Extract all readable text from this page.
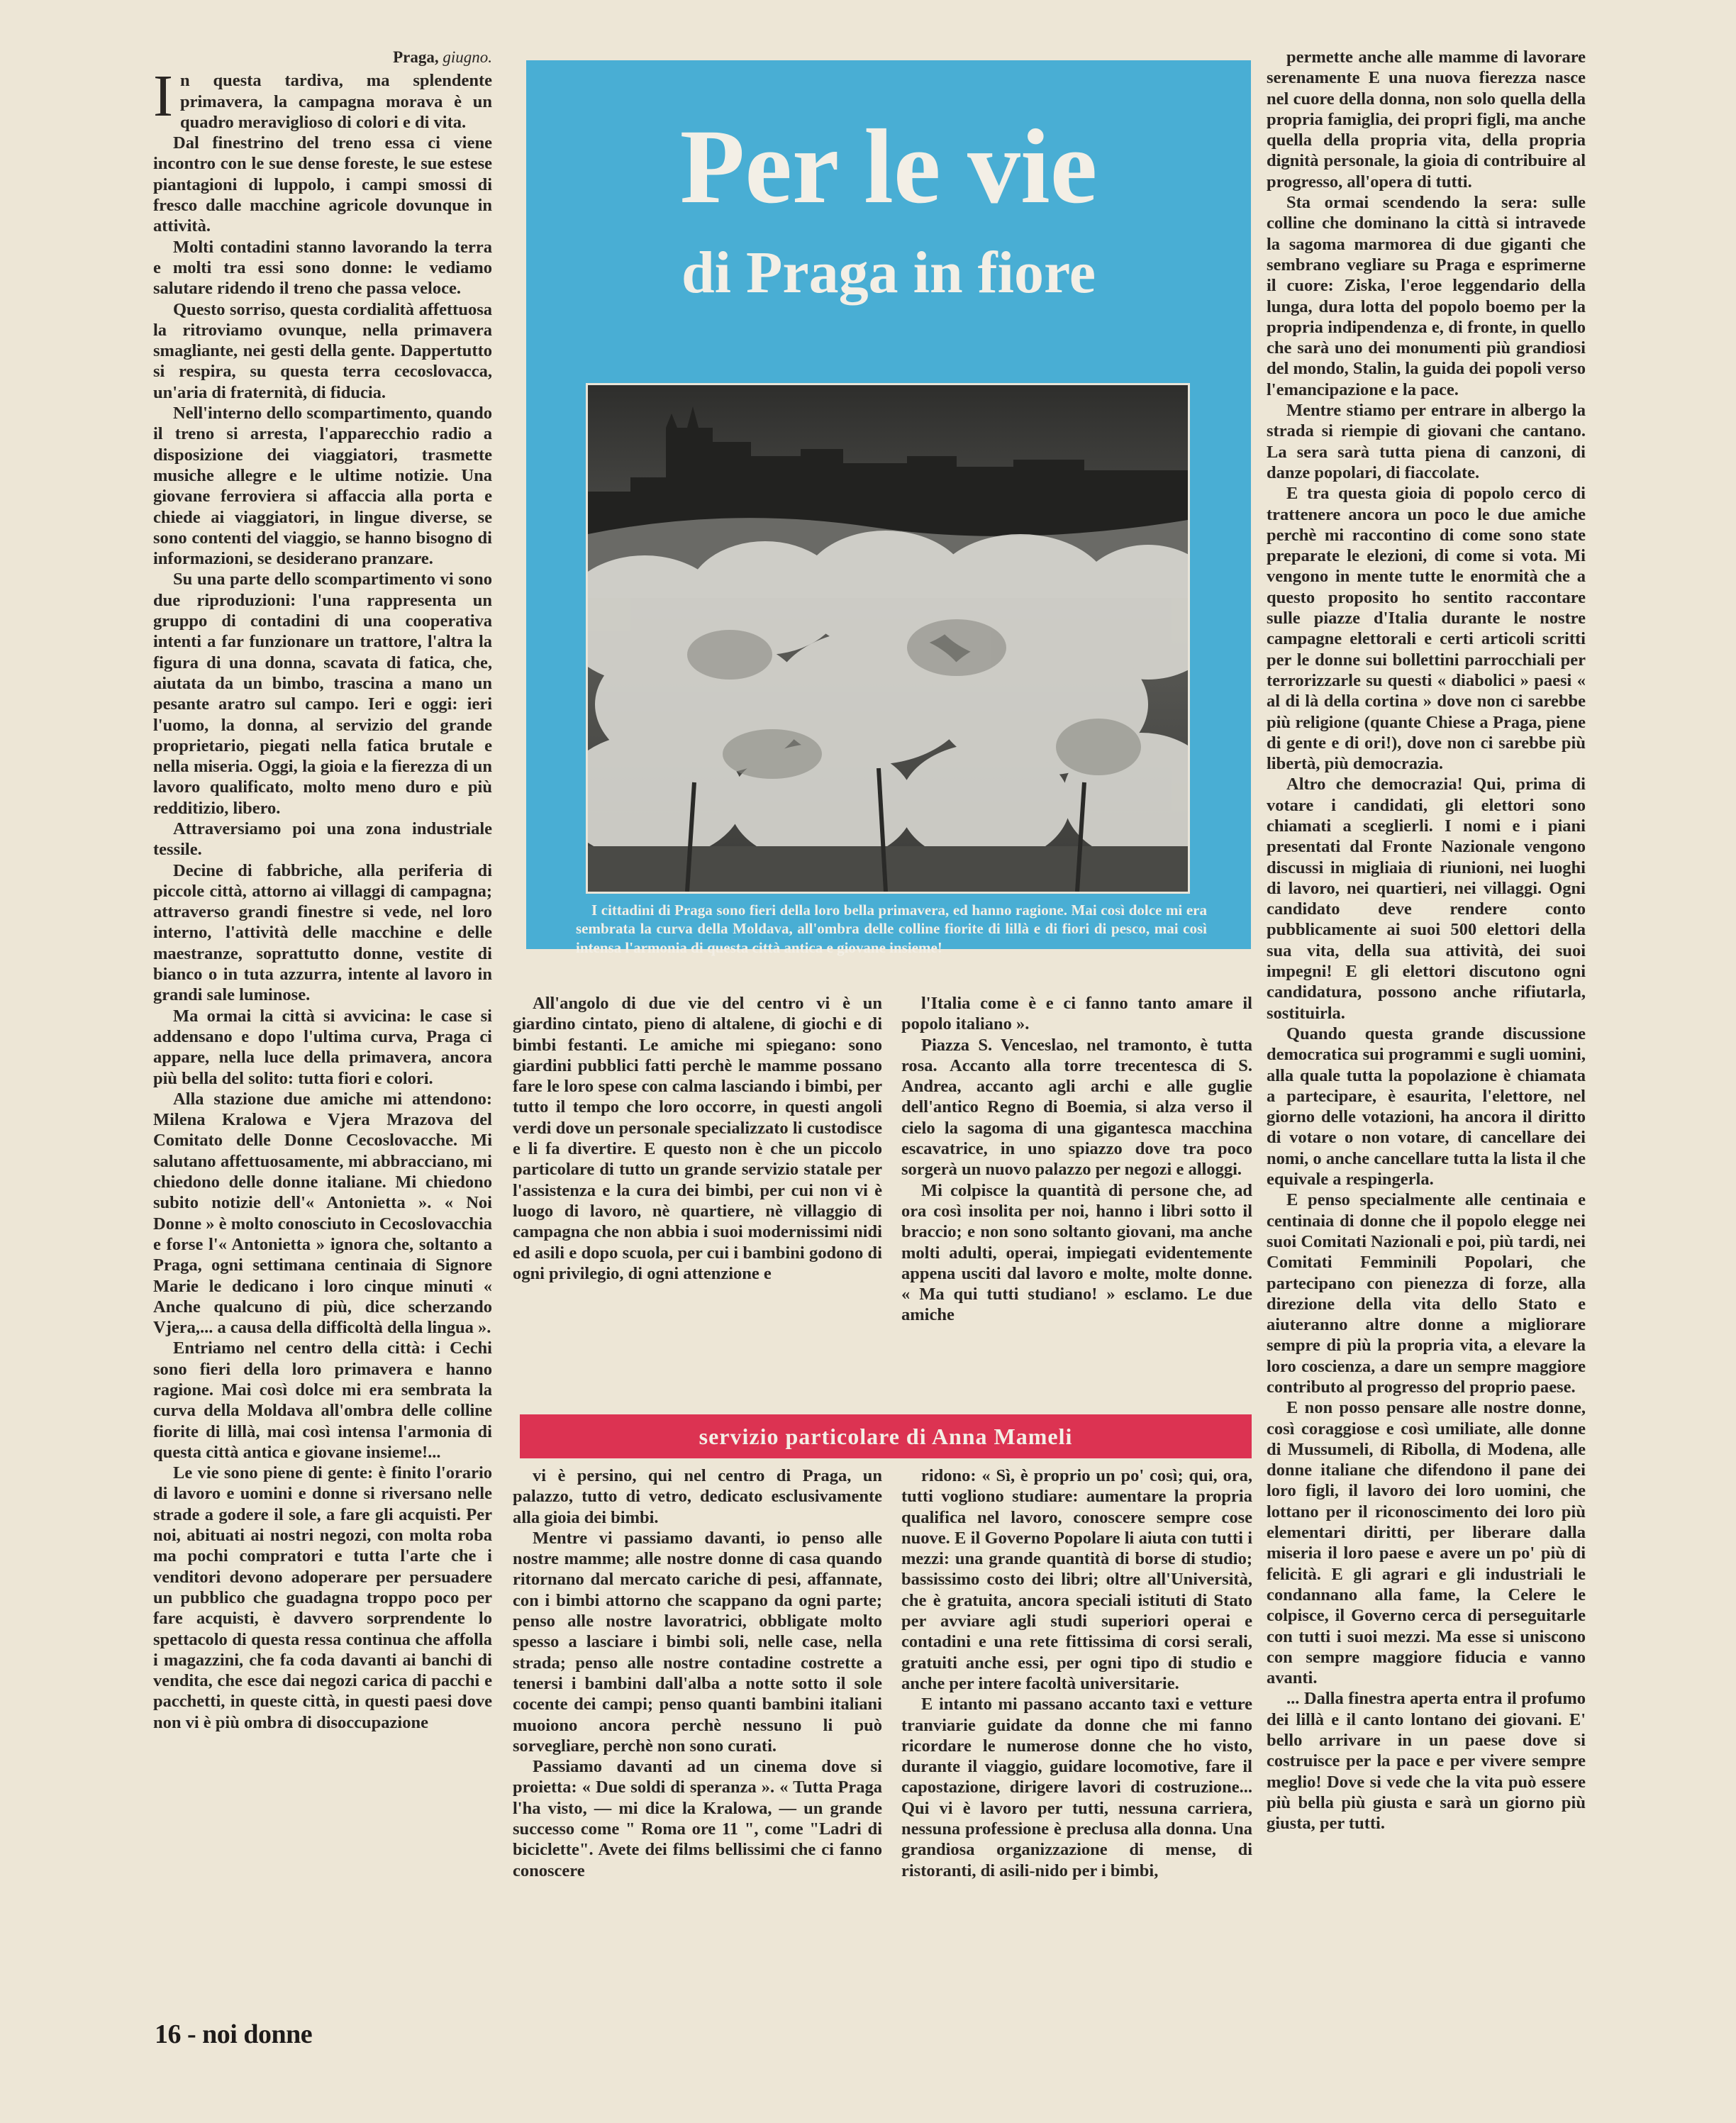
Praga, giugno.

In questa tardiva, ma splendente primavera, la campagna morava è un quadro meraviglioso di colori e di vita.

Dal finestrino del treno essa ci viene incontro con le sue dense foreste, le sue estese piantagioni di luppolo, i campi smossi di fresco dalle macchine agricole dovunque in attività.

Molti contadini stanno lavorando la terra e molti tra essi sono donne: le vediamo salutare ridendo il treno che passa veloce.

Questo sorriso, questa cordialità affettuosa la ritroviamo ovunque, nella primavera smagliante, nei gesti della gente. Dappertutto si respira, su questa terra cecoslovacca, un'aria di fraternità, di fiducia.

Nell'interno dello scompartimento, quando il treno si arresta, l'apparecchio radio a disposizione dei viaggiatori, trasmette musiche allegre e le ultime notizie. Una giovane ferroviera si affaccia alla porta e chiede ai viaggiatori, in lingue diverse, se sono contenti del viaggio, se hanno bisogno di informazioni, se desiderano pranzare.

Su una parte dello scompartimento vi sono due riproduzioni: l'una rappresenta un gruppo di contadini di una cooperativa intenti a far funzionare un trattore, l'altra la figura di una donna, scavata di fatica, che, aiutata da un bimbo, trascina a mano un pesante aratro sul campo. Ieri e oggi: ieri l'uomo, la donna, al servizio del grande proprietario, piegati nella fatica brutale e nella miseria. Oggi, la gioia e la fierezza di un lavoro qualificato, molto meno duro e più redditizio, libero.

Attraversiamo poi una zona industriale tessile.

Decine di fabbriche, alla periferia di piccole città, attorno ai villaggi di campagna; attraverso grandi finestre si vede, nel loro interno, l'attività delle macchine e delle maestranze, soprattutto donne, vestite di bianco o in tuta azzurra, intente al lavoro in grandi sale luminose.

Ma ormai la città si avvicina: le case si addensano e dopo l'ultima curva, Praga ci appare, nella luce della primavera, ancora più bella del solito: tutta fiori e colori.

Alla stazione due amiche mi attendono: Milena Kralowa e Vjera Mrazova del Comitato delle Donne Cecoslovacche. Mi salutano affettuosamente, mi abbracciano, mi chiedono delle donne italiane. Mi chiedono subito notizie dell'« Antonietta ». « Noi Donne » è molto conosciuto in Cecoslovacchia e forse l'« Antonietta » ignora che, soltanto a Praga, ogni settimana centinaia di Signore Marie le dedicano i loro cinque minuti « Anche qualcuno di più, dice scherzando Vjera,... a causa della difficoltà della lingua ».

Entriamo nel centro della città: i Cechi sono fieri della loro primavera e hanno ragione. Mai così dolce mi era sembrata la curva della Moldava all'ombra delle colline fiorite di lillà, mai così intensa l'armonia di questa città antica e giovane insieme!...

Le vie sono piene di gente: è finito l'orario di lavoro e uomini e donne si riversano nelle strade a godere il sole, a fare gli acquisti. Per noi, abituati ai nostri negozi, con molta roba ma pochi compratori e tutta l'arte che i venditori devono adoperare per persuadere un pubblico che guadagna troppo poco per fare acquisti, è davvero sorprendente lo spettacolo di questa ressa continua che affolla i magazzini, che fa coda davanti ai banchi di vendita, che esce dai negozi carica di pacchi e pacchetti, in queste città, in questi paesi dove non vi è più ombra di disoccupazione

Per le vie
di Praga in fiore
I cittadini di Praga sono fieri della loro bella primavera, ed hanno ragione. Mai così dolce mi era sembrata la curva della Moldava, all'ombra delle colline fiorite di lillà e di fiori di pesco, mai così intensa l'armonia di questa città antica e giovane insieme!

All'angolo di due vie del centro vi è un giardino cintato, pieno di altalene, di giochi e di bimbi festanti. Le amiche mi spiegano: sono giardini pubblici fatti perchè le mamme possano fare le loro spese con calma lasciando i bimbi, per tutto il tempo che loro occorre, in questi angoli verdi dove un personale specializzato li custodisce e li fa divertire. E questo non è che un piccolo particolare di tutto un grande servizio statale per l'assistenza e la cura dei bimbi, per cui non vi è luogo di lavoro, nè quartiere, nè villaggio di campagna che non abbia i suoi modernissimi nidi ed asili e dopo scuola, per cui i bambini godono di ogni privilegio, di ogni attenzione e

l'Italia come è e ci fanno tanto amare il popolo italiano ».

Piazza S. Venceslao, nel tramonto, è tutta rosa. Accanto alla torre trecentesca di S. Andrea, accanto agli archi e alle guglie dell'antico Regno di Boemia, si alza verso il cielo la sagoma di una gigantesca macchina escavatrice, in uno spiazzo dove tra poco sorgerà un nuovo palazzo per negozi e alloggi.

Mi colpisce la quantità di persone che, ad ora così insolita per noi, hanno i libri sotto il braccio; e non sono soltanto giovani, ma anche molti adulti, operai, impiegati evidentemente appena usciti dal lavoro e molte, molte donne. « Ma qui tutti studiano! » esclamo. Le due amiche

servizio particolare di Anna Mameli

vi è persino, qui nel centro di Praga, un palazzo, tutto di vetro, dedicato esclusivamente alla gioia dei bimbi.

Mentre vi passiamo davanti, io penso alle nostre mamme; alle nostre donne di casa quando ritornano dal mercato cariche di pesi, affannate, con i bimbi attorno che scappano da ogni parte; penso alle nostre lavoratrici, obbligate molto spesso a lasciare i bimbi soli, nelle case, nella strada; penso alle nostre contadine costrette a tenersi i bambini dall'alba a notte sotto il sole cocente dei campi; penso quanti bambini italiani muoiono ancora perchè nessuno li può sorvegliare, perchè non sono curati.

Passiamo davanti ad un cinema dove si proietta: « Due soldi di speranza ». « Tutta Praga l'ha visto, — mi dice la Kralowa, — un grande successo come " Roma ore 11 ", come "Ladri di biciclette". Avete dei films bellissimi che ci fanno conoscere

ridono: « Sì, è proprio un po' così; qui, ora, tutti vogliono studiare: aumentare la propria qualifica nel lavoro, conoscere sempre cose nuove. E il Governo Popolare li aiuta con tutti i mezzi: una grande quantità di borse di studio; bassissimo costo dei libri; oltre all'Università, che è gratuita, ancora speciali istituti di Stato per avviare agli studi superiori operai e contadini e una rete fittissima di corsi serali, gratuiti anche essi, per ogni tipo di studio e anche per intere facoltà universitarie.

E intanto mi passano accanto taxi e vetture tranviarie guidate da donne che mi fanno ricordare le numerose donne che ho visto, durante il viaggio, guidare locomotive, fare il capostazione, dirigere lavori di costruzione... Qui vi è lavoro per tutti, nessuna carriera, nessuna professione è preclusa alla donna. Una grandiosa organizzazione di mense, di ristoranti, di asili-nido per i bimbi,

permette anche alle mamme di lavorare serenamente E una nuova fierezza nasce nel cuore della donna, non solo quella della propria famiglia, dei propri figli, ma anche quella della propria vita, della propria dignità personale, la gioia di contribuire al progresso, all'opera di tutti.

Sta ormai scendendo la sera: sulle colline che dominano la città si intravede la sagoma marmorea di due giganti che sembrano vegliare su Praga e esprimerne il cuore: Ziska, l'eroe leggendario della lunga, dura lotta del popolo boemo per la propria indipendenza e, di fronte, in quello che sarà uno dei monumenti più grandiosi del mondo, Stalin, la guida dei popoli verso l'emancipazione e la pace.

Mentre stiamo per entrare in albergo la strada si riempie di giovani che cantano. La sera sarà tutta piena di canzoni, di danze popolari, di fiaccolate.

E tra questa gioia di popolo cerco di trattenere ancora un poco le due amiche perchè mi raccontino di come sono state preparate le elezioni, di come si vota. Mi vengono in mente tutte le enormità che a questo proposito ho sentito raccontare sulle piazze d'Italia durante le nostre campagne elettorali e certi articoli scritti per le donne sui bollettini parrocchiali per terrorizzarle su questi « diabolici » paesi « al di là della cortina » dove non ci sarebbe più religione (quante Chiese a Praga, piene di gente e di ori!), dove non ci sarebbe più libertà, più democrazia.

Altro che democrazia! Qui, prima di votare i candidati, gli elettori sono chiamati a sceglierli. I nomi e i piani presentati dal Fronte Nazionale vengono discussi in migliaia di riunioni, nei luoghi di lavoro, nei quartieri, nei villaggi. Ogni candidato deve rendere conto pubblicamente ai suoi 500 elettori della sua vita, della sua attività, dei suoi impegni! E gli elettori discutono ogni candidatura, possono anche rifiutarla, sostituirla.

Quando questa grande discussione democratica sui programmi e sugli uomini, alla quale tutta la popolazione è chiamata a partecipare, è esaurita, l'elettore, nel giorno delle votazioni, ha ancora il diritto di votare o non votare, di cancellare dei nomi, o anche cancellare tutta la lista il che equivale a respingerla.

E penso specialmente alle centinaia e centinaia di donne che il popolo elegge nei suoi Comitati Nazionali e poi, più tardi, nei Comitati Femminili Popolari, che partecipano con pienezza di forze, alla direzione della vita dello Stato e aiuteranno altre donne a migliorare sempre di più la propria vita, a elevare la loro coscienza, a dare un sempre maggiore contributo al progresso del proprio paese.

E non posso pensare alle nostre donne, così coraggiose e così umiliate, alle donne di Mussumeli, di Ribolla, di Modena, alle donne italiane che difendono il pane dei loro figli, il lavoro dei loro uomini, che lottano per il riconoscimento dei loro più elementari diritti, per liberare dalla miseria il loro paese e avere un po' più di felicità. E gli agrari e gli industriali le condannano alla fame, la Celere le colpisce, il Governo cerca di perseguitarle con tutti i suoi mezzi. Ma esse si uniscono con sempre maggiore fiducia e vanno avanti.

... Dalla finestra aperta entra il profumo dei lillà e il canto lontano dei giovani. E' bello arrivare in un paese dove si costruisce per la pace e per vivere sempre meglio! Dove si vede che la vita può essere più bella più giusta e sarà un giorno più giusta, per tutti.

16 - noi donne
